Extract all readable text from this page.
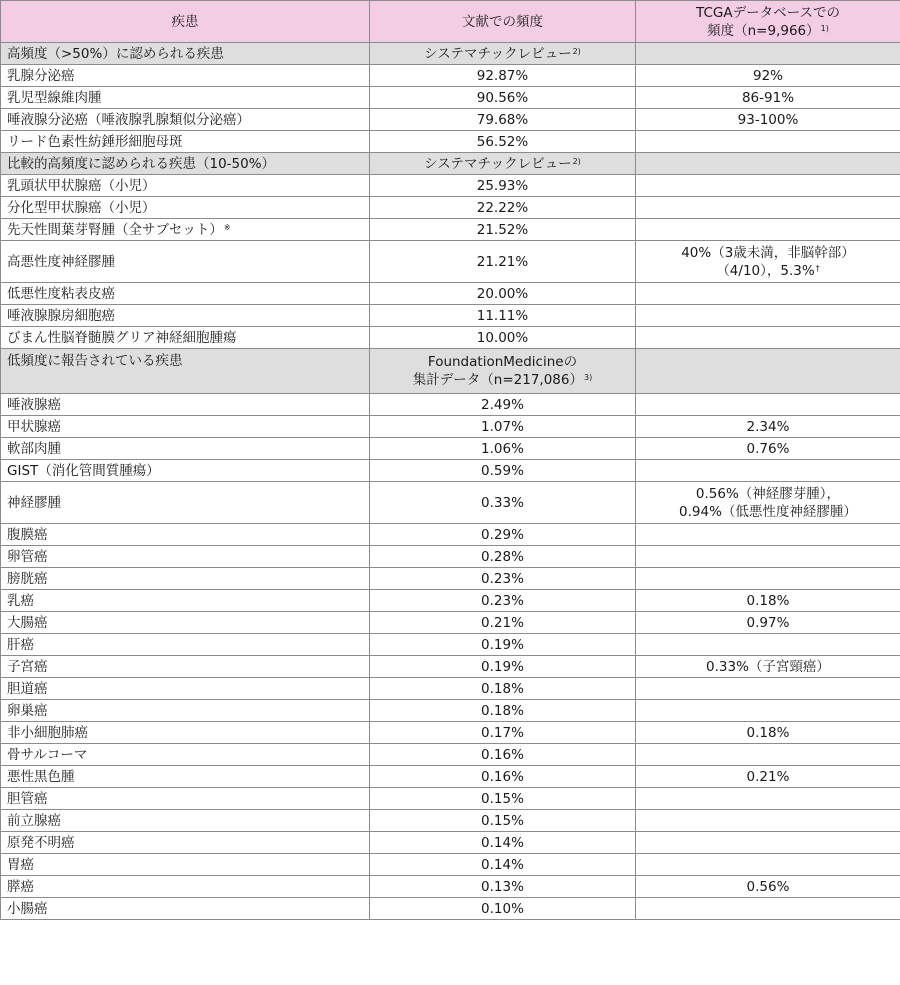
疾患	文献での頻度	TCGAデータベースでの
頻度（n=9,966）$^{1)}$
高頻度（>50%）に認められる疾患	システマチックレビュー$^{2)}$	
乳腺分泌癌	92.87%	92%
乳児型線維肉腫	90.56%	86-91%
唾液腺分泌癌（唾液腺乳腺類似分泌癌）	79.68%	93-100%
リード色素性紡錘形細胞母斑	56.52%	
比較的高頻度に認められる疾患（10-50%）	システマチックレビュー$^{2)}$	
乳頭状甲状腺癌（小児）	25.93%	
分化型甲状腺癌（小児）	22.22%	
先天性間葉芽腎腫（全サブセット）※	21.52%	
高悪性度神経膠腫	21.21%	40%（3歳未満，非脳幹部）
（4/10），5.3%†
低悪性度粘表皮癌	20.00%	
唾液腺腺房細胞癌	11.11%	
びまん性脳脊髄膜グリア神経細胞腫瘍	10.00%	
低頻度に報告されている疾患	FoundationMedicineの
集計データ（n=217,086）$^{3)}$	
唾液腺癌	2.49%	
甲状腺癌	1.07%	2.34%
軟部肉腫	1.06%	0.76%
GIST（消化管間質腫瘍）	0.59%	
神経膠腫	0.33%	0.56%（神経膠芽腫），
0.94%（低悪性度神経膠腫）
腹膜癌	0.29%	
卵管癌	0.28%	
膀胱癌	0.23%	
乳癌	0.23%	0.18%
大腸癌	0.21%	0.97%
肝癌	0.19%	
子宮癌	0.19%	0.33%（子宮頸癌）
胆道癌	0.18%	
卵巣癌	0.18%	
非小細胞肺癌	0.17%	0.18%
骨サルコーマ	0.16%	
悪性黒色腫	0.16%	0.21%
胆管癌	0.15%	
前立腺癌	0.15%	
原発不明癌	0.14%	
胃癌	0.14%	
膵癌	0.13%	0.56%
小腸癌	0.10%	
